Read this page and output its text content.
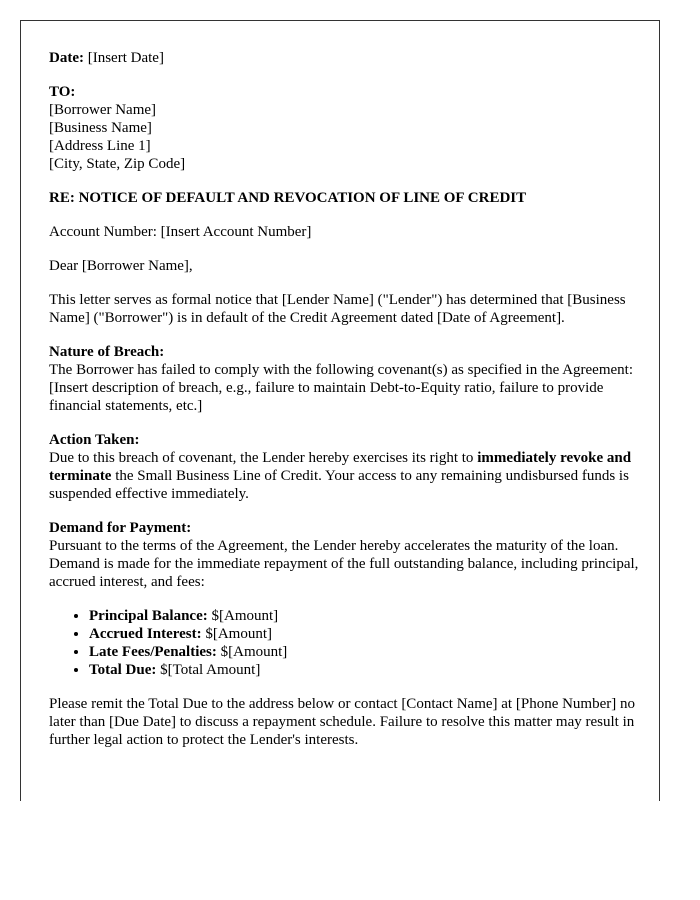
Date: [Insert Date]

TO:
[Borrower Name]
[Business Name]
[Address Line 1]
[City, State, Zip Code]

RE: NOTICE OF DEFAULT AND REVOCATION OF LINE OF CREDIT

Account Number: [Insert Account Number]

Dear [Borrower Name],

This letter serves as formal notice that [Lender Name] ("Lender") has determined that [Business Name] ("Borrower") is in default of the Credit Agreement dated [Date of Agreement].

Nature of Breach:
The Borrower has failed to comply with the following covenant(s) as specified in the Agreement:
[Insert description of breach, e.g., failure to maintain Debt-to-Equity ratio, failure to provide financial statements, etc.]

Action Taken:
Due to this breach of covenant, the Lender hereby exercises its right to immediately revoke and terminate the Small Business Line of Credit. Your access to any remaining undisbursed funds is suspended effective immediately.

Demand for Payment:
Pursuant to the terms of the Agreement, the Lender hereby accelerates the maturity of the loan. Demand is made for the immediate repayment of the full outstanding balance, including principal, accrued interest, and fees:

• Principal Balance: $[Amount]
• Accrued Interest: $[Amount]
• Late Fees/Penalties: $[Amount]
• Total Due: $[Total Amount]

Please remit the Total Due to the address below or contact [Contact Name] at [Phone Number] no later than [Due Date] to discuss a repayment schedule. Failure to resolve this matter may result in further legal action to protect the Lender's interests.
